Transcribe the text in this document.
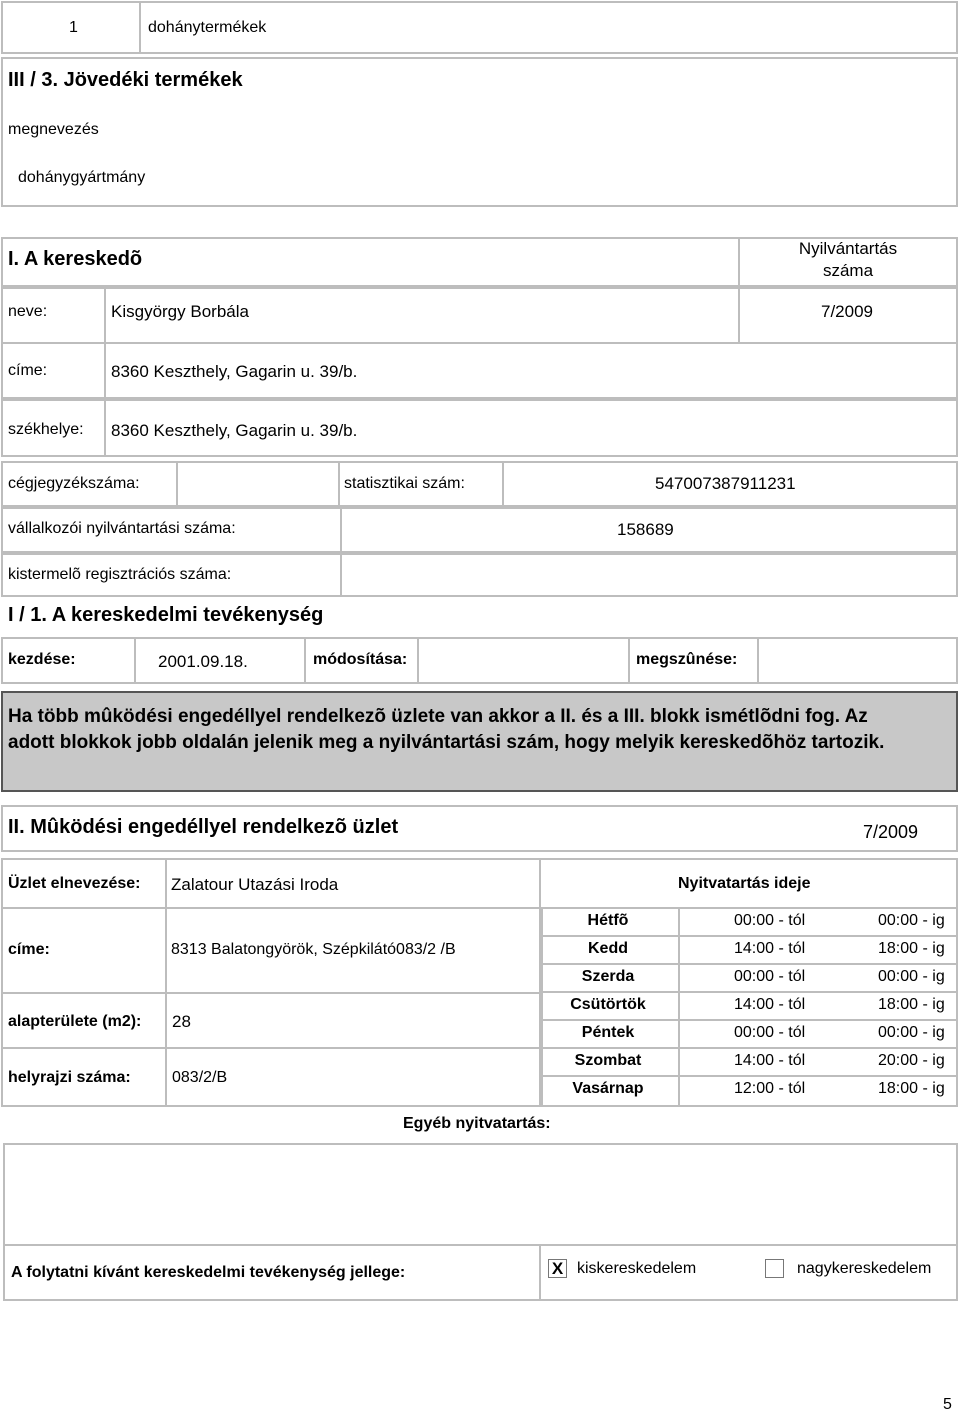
1	dohánytermékek
III / 3. Jövedéki termékek
megnevezés
dohánygyártmány
I. A kereskedõ	Nyilvántartás száma
neve:	Kisgyörgy Borbála	7/2009
címe:	8360 Keszthely, Gagarin u. 39/b.
székhelye: 8360 Keszthely, Gagarin u. 39/b.
cégjegyzékszáma:	statisztikai szám:	547007387911231
vállalkozói nyilvántartási száma:	158689
kistermelõ regisztrációs száma:
I / 1. A kereskedelmi tevékenység
kezdése:	2001.09.18.	módosítása:	megszûnése:
Ha több mûködési engedéllyel rendelkezõ üzlete van akkor a II. és a III. blokk ismétlõdni fog. Az adott blokkok jobb oldalán jelenik meg a nyilvántartási szám, hogy melyik kereskedõhöz tartozik.
II. Mûködési engedéllyel rendelkezõ üzlet	7/2009
Üzlet elnevezése: Zalatour Utazási Iroda	Nyitvatartás ideje
címe:	8313 Balatongyörök, Szépkilátó083/2 /B
alapterülete (m2): 28
helyrajzi száma:	083/2/B
Hétfõ	00:00 - tól	00:00 - ig
Kedd	14:00 - tól	18:00 - ig
Szerda	00:00 - tól	00:00 - ig
Csütörtök	14:00 - tól	18:00 - ig
Péntek	00:00 - tól	00:00 - ig
Szombat	14:00 - tól	20:00 - ig
Vasárnap	12:00 - tól	18:00 - ig
Egyéb nyitvatartás:
A folytatni kívánt kereskedelmi tevékenység jellege:	X kiskereskedelem	nagykereskedelem
5
